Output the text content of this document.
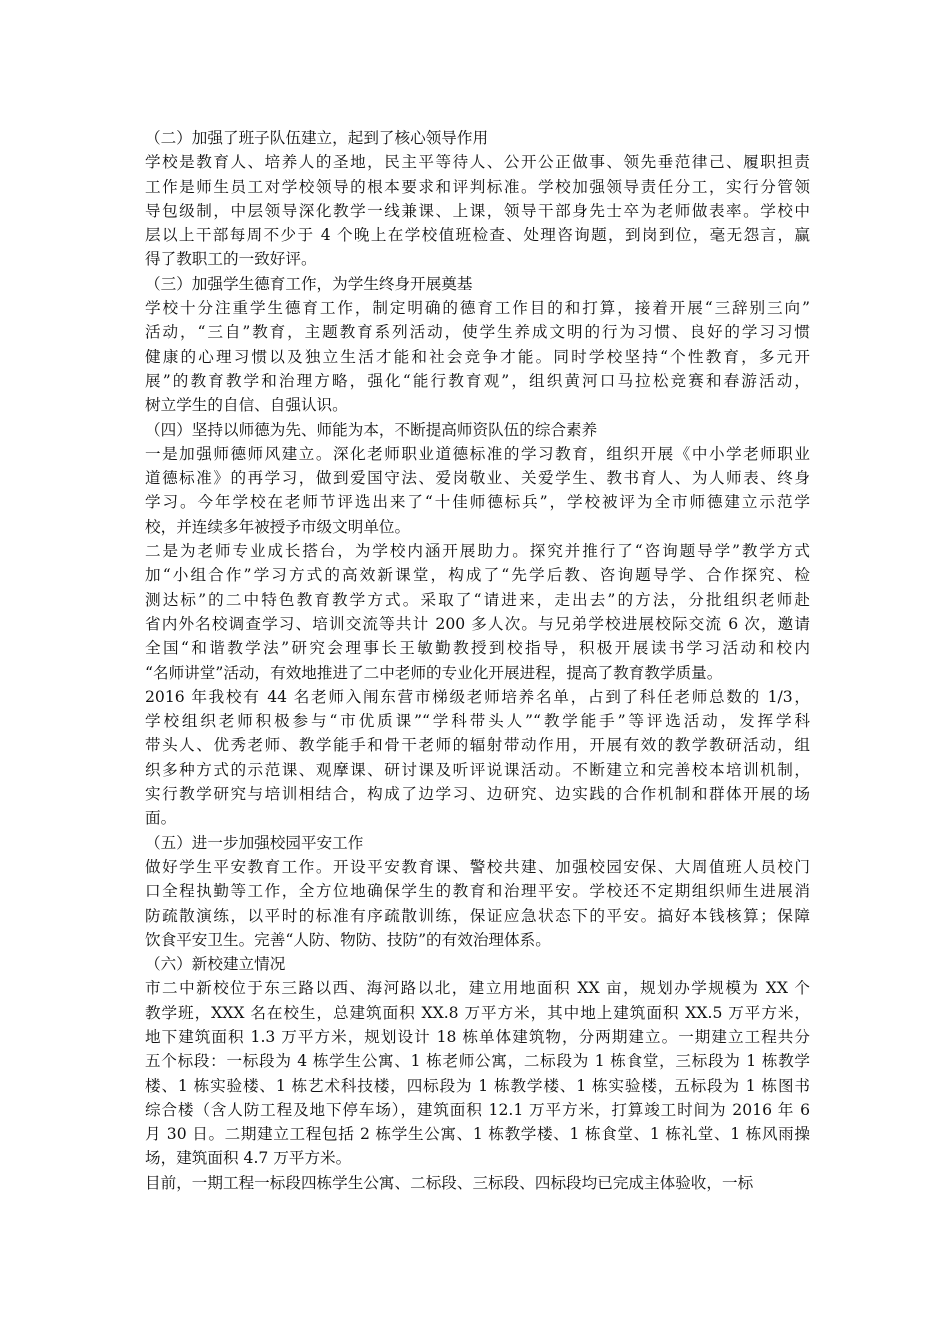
（二）加强了班子队伍建立，起到了核心领导作用
学校是教育人、培养人的圣地，民主平等待人、公开公正做事、领先垂范律己、履职担责
工作是师生员工对学校领导的根本要求和评判标准。学校加强领导责任分工，实行分管领
导包级制，中层领导深化教学一线兼课、上课，领导干部身先士卒为老师做表率。学校中
层以上干部每周不少于 4 个晚上在学校值班检查、处理咨询题，到岗到位，毫无怨言，赢
得了教职工的一致好评。
（三）加强学生德育工作，为学生终身开展奠基
学校十分注重学生德育工作，制定明确的德育工作目的和打算，接着开展“三辞别三向”
活动，“三自”教育，主题教育系列活动，使学生养成文明的行为习惯、良好的学习习惯
健康的心理习惯以及独立生活才能和社会竞争才能。同时学校坚持“个性教育，多元开
展”的教育教学和治理方略，强化“能行教育观”，组织黄河口马拉松竞赛和春游活动，
树立学生的自信、自强认识。
（四）坚持以师德为先、师能为本，不断提高师资队伍的综合素养
一是加强师德师风建立。深化老师职业道德标准的学习教育，组织开展《中小学老师职业
道德标准》的再学习，做到爱国守法、爱岗敬业、关爱学生、教书育人、为人师表、终身
学习。今年学校在老师节评选出来了“十佳师德标兵”，学校被评为全市师德建立示范学
校，并连续多年被授予市级文明单位。
二是为老师专业成长搭台，为学校内涵开展助力。探究并推行了“咨询题导学”教学方式
加“小组合作”学习方式的高效新课堂，构成了“先学后教、咨询题导学、合作探究、检
测达标”的二中特色教育教学方式。采取了“请进来，走出去”的方法，分批组织老师赴
省内外名校调查学习、培训交流等共计 200 多人次。与兄弟学校进展校际交流 6 次，邀请
全国“和谐教学法”研究会理事长王敏勤教授到校指导，积极开展读书学习活动和校内
“名师讲堂”活动，有效地推进了二中老师的专业化开展进程，提高了教育教学质量。
2016 年我校有 44 名老师入闱东营市梯级老师培养名单，占到了科任老师总数的 1/3，
学校组织老师积极参与“市优质课”“学科带头人”“教学能手”等评选活动，发挥学科
带头人、优秀老师、教学能手和骨干老师的辐射带动作用，开展有效的教学教研活动，组
织多种方式的示范课、观摩课、研讨课及听评说课活动。不断建立和完善校本培训机制，
实行教学研究与培训相结合，构成了边学习、边研究、边实践的合作机制和群体开展的场
面。
（五）进一步加强校园平安工作
做好学生平安教育工作。开设平安教育课、警校共建、加强校园安保、大周值班人员校门
口全程执勤等工作，全方位地确保学生的教育和治理平安。学校还不定期组织师生进展消
防疏散演练，以平时的标准有序疏散训练，保证应急状态下的平安。搞好本钱核算；保障
饮食平安卫生。完善“人防、物防、技防”的有效治理体系。
（六）新校建立情况
市二中新校位于东三路以西、海河路以北，建立用地面积 XX 亩，规划办学规模为 XX 个
教学班，XXX 名在校生，总建筑面积 XX.8 万平方米，其中地上建筑面积 XX.5 万平方米，
地下建筑面积 1.3 万平方米，规划设计 18 栋单体建筑物，分两期建立。一期建立工程共分
五个标段：一标段为 4 栋学生公寓、1 栋老师公寓，二标段为 1 栋食堂，三标段为 1 栋教学
楼、1 栋实验楼、1 栋艺术科技楼，四标段为 1 栋教学楼、1 栋实验楼，五标段为 1 栋图书
综合楼（含人防工程及地下停车场），建筑面积 12.1 万平方米，打算竣工时间为 2016 年 6
月 30 日。二期建立工程包括 2 栋学生公寓、1 栋教学楼、1 栋食堂、1 栋礼堂、1 栋风雨操
场，建筑面积 4.7 万平方米。
目前，一期工程一标段四栋学生公寓、二标段、三标段、四标段均已完成主体验收，一标
